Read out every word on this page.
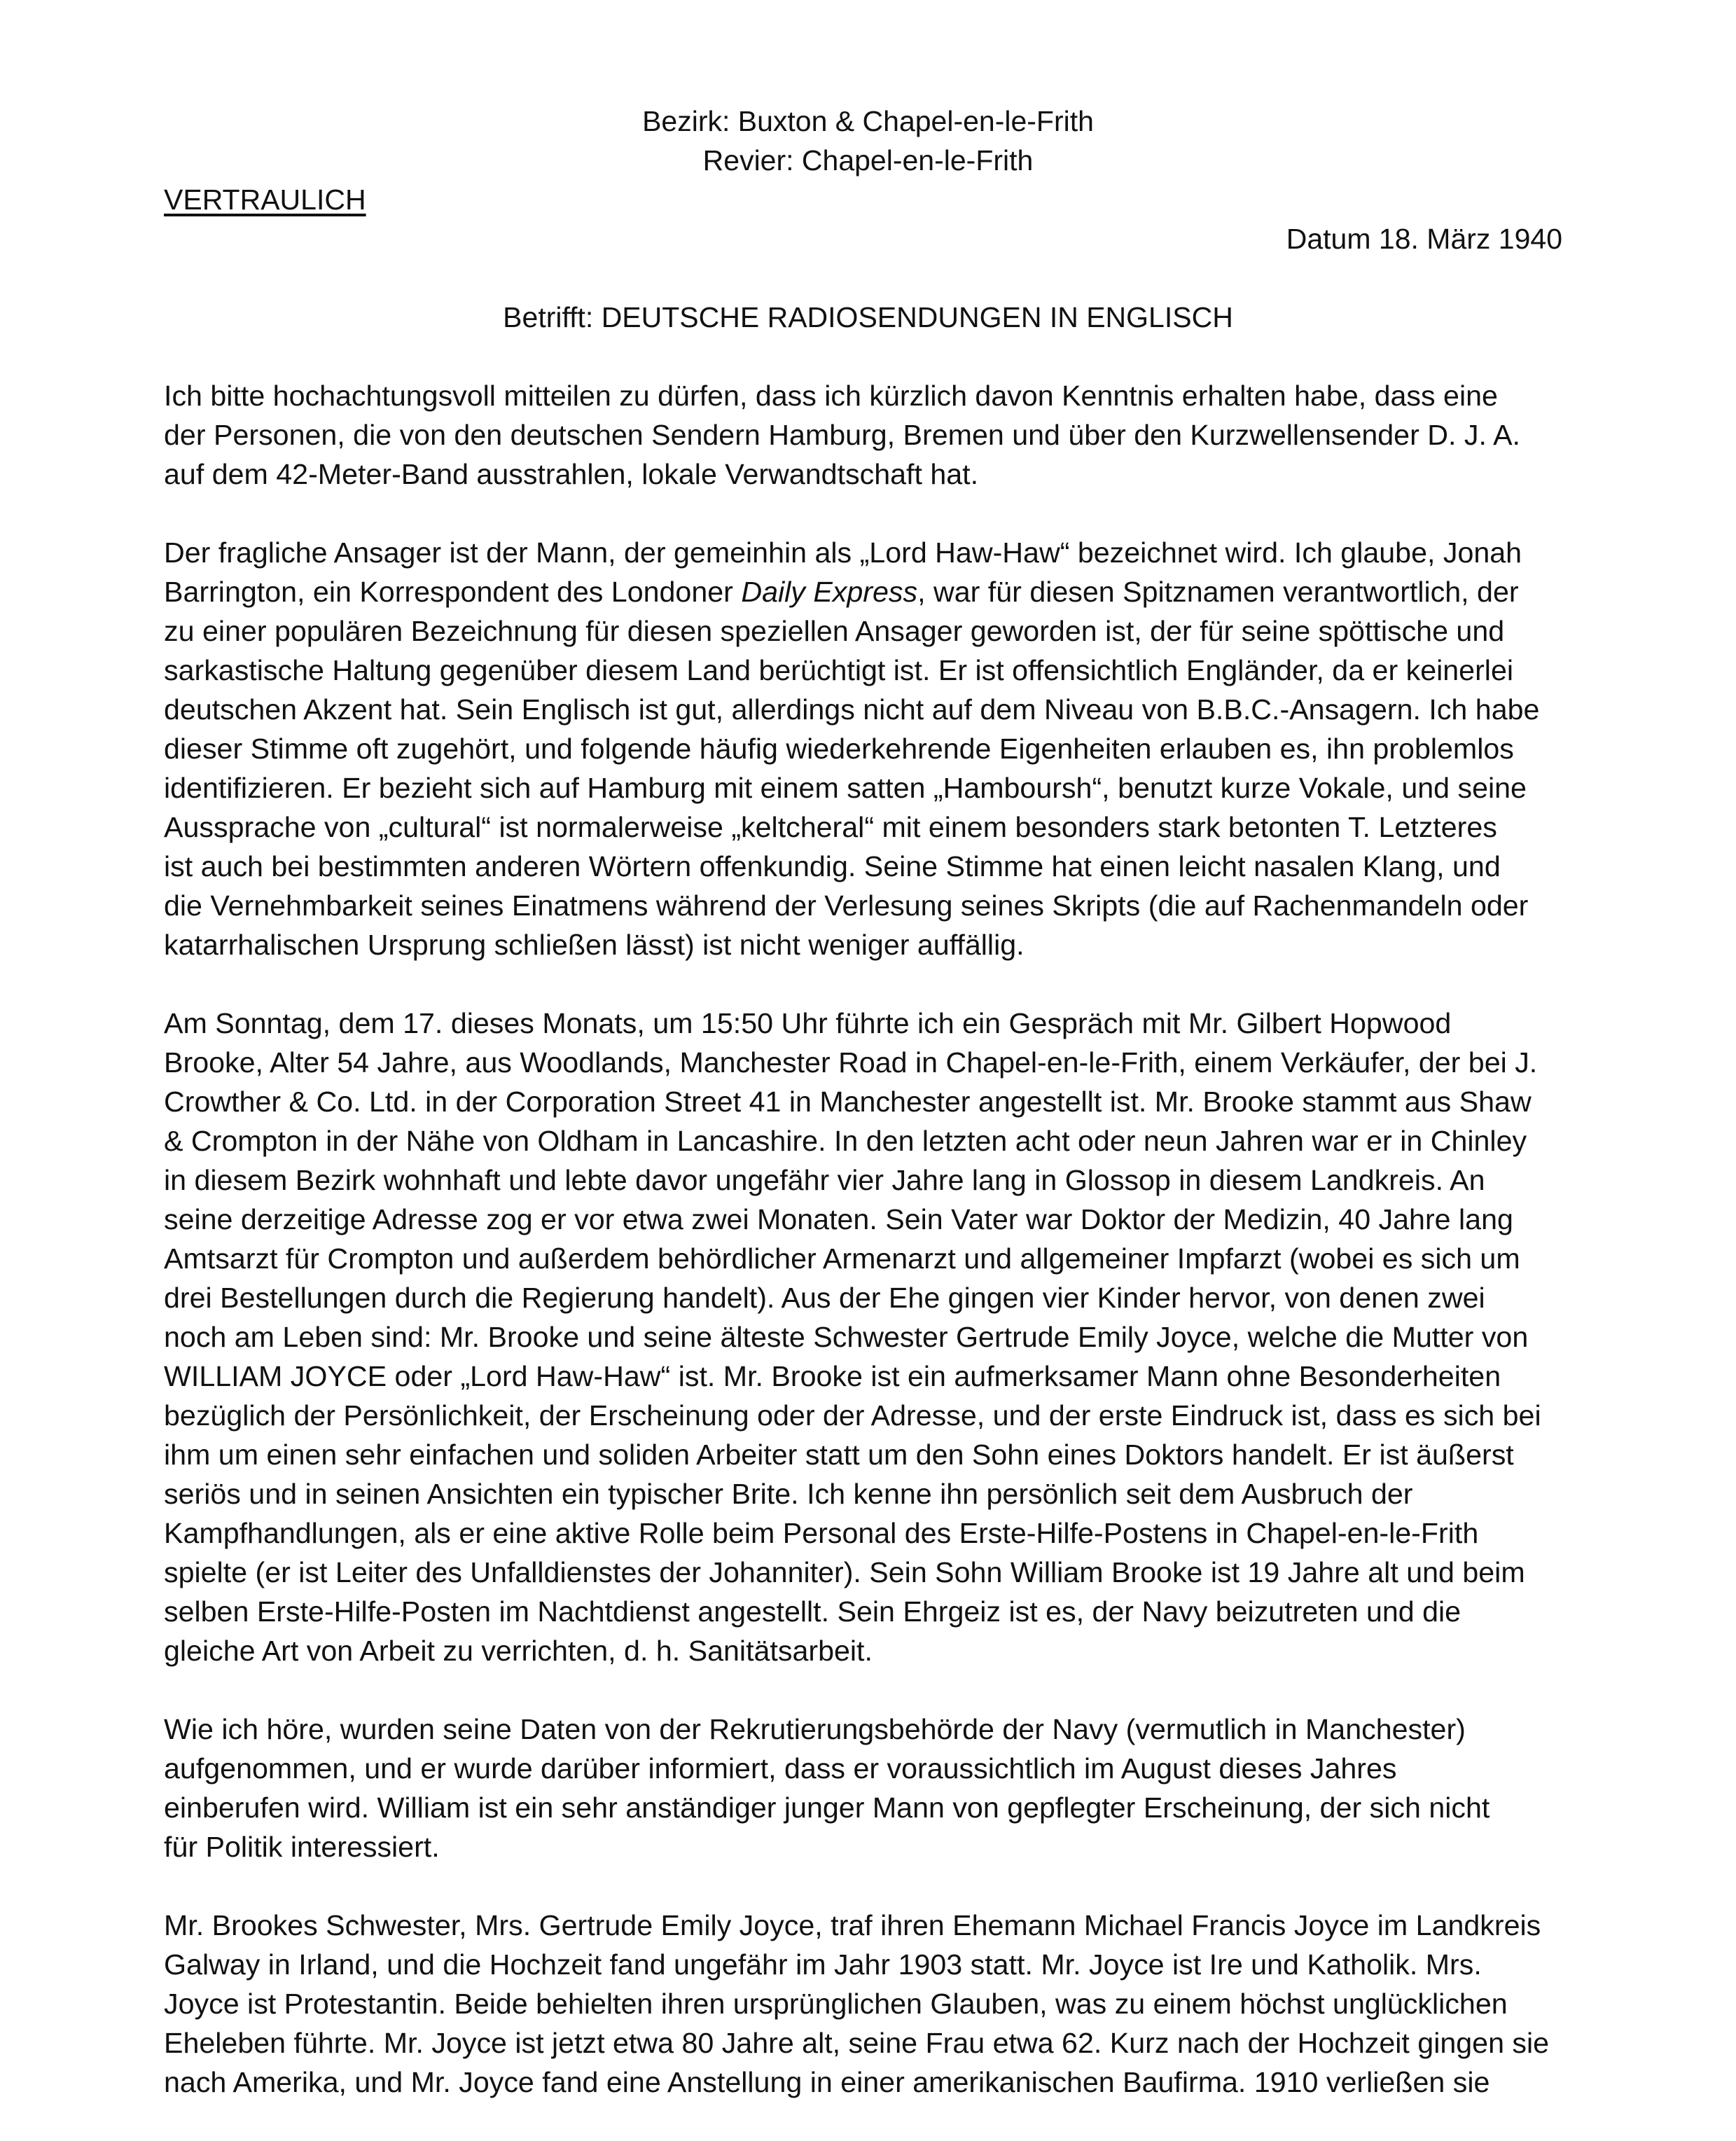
Bezirk: Buxton & Chapel-en-le-Frith
Revier: Chapel-en-le-Frith
VERTRAULICH
Datum 18. März 1940
Betrifft: DEUTSCHE RADIOSENDUNGEN IN ENGLISCH
Ich bitte hochachtungsvoll mitteilen zu dürfen, dass ich kürzlich davon Kenntnis erhalten habe, dass eine
der Personen, die von den deutschen Sendern Hamburg, Bremen und über den Kurzwellensender D. J. A.
auf dem 42-Meter-Band ausstrahlen, lokale Verwandtschaft hat.
Der fragliche Ansager ist der Mann, der gemeinhin als „Lord Haw-Haw“ bezeichnet wird. Ich glaube, Jonah
Barrington, ein Korrespondent des Londoner Daily Express, war für diesen Spitznamen verantwortlich, der
zu einer populären Bezeichnung für diesen speziellen Ansager geworden ist, der für seine spöttische und
sarkastische Haltung gegenüber diesem Land berüchtigt ist. Er ist offensichtlich Engländer, da er keinerlei
deutschen Akzent hat. Sein Englisch ist gut, allerdings nicht auf dem Niveau von B.B.C.-Ansagern. Ich habe
dieser Stimme oft zugehört, und folgende häufig wiederkehrende Eigenheiten erlauben es, ihn problemlos
identifizieren. Er bezieht sich auf Hamburg mit einem satten „Hamboursh“, benutzt kurze Vokale, und seine
Aussprache von „cultural“ ist normalerweise „keltcheral“ mit einem besonders stark betonten T. Letzteres
ist auch bei bestimmten anderen Wörtern offenkundig. Seine Stimme hat einen leicht nasalen Klang, und
die Vernehmbarkeit seines Einatmens während der Verlesung seines Skripts (die auf Rachenmandeln oder
katarrhalischen Ursprung schließen lässt) ist nicht weniger auffällig.
Am Sonntag, dem 17. dieses Monats, um 15:50 Uhr führte ich ein Gespräch mit Mr. Gilbert Hopwood
Brooke, Alter 54 Jahre, aus Woodlands, Manchester Road in Chapel-en-le-Frith, einem Verkäufer, der bei J.
Crowther & Co. Ltd. in der Corporation Street 41 in Manchester angestellt ist. Mr. Brooke stammt aus Shaw
& Crompton in der Nähe von Oldham in Lancashire. In den letzten acht oder neun Jahren war er in Chinley
in diesem Bezirk wohnhaft und lebte davor ungefähr vier Jahre lang in Glossop in diesem Landkreis. An
seine derzeitige Adresse zog er vor etwa zwei Monaten. Sein Vater war Doktor der Medizin, 40 Jahre lang
Amtsarzt für Crompton und außerdem behördlicher Armenarzt und allgemeiner Impfarzt (wobei es sich um
drei Bestellungen durch die Regierung handelt). Aus der Ehe gingen vier Kinder hervor, von denen zwei
noch am Leben sind: Mr. Brooke und seine älteste Schwester Gertrude Emily Joyce, welche die Mutter von
WILLIAM JOYCE oder „Lord Haw-Haw“ ist. Mr. Brooke ist ein aufmerksamer Mann ohne Besonderheiten
bezüglich der Persönlichkeit, der Erscheinung oder der Adresse, und der erste Eindruck ist, dass es sich bei
ihm um einen sehr einfachen und soliden Arbeiter statt um den Sohn eines Doktors handelt. Er ist äußerst
seriös und in seinen Ansichten ein typischer Brite. Ich kenne ihn persönlich seit dem Ausbruch der
Kampfhandlungen, als er eine aktive Rolle beim Personal des Erste-Hilfe-Postens in Chapel-en-le-Frith
spielte (er ist Leiter des Unfalldienstes der Johanniter). Sein Sohn William Brooke ist 19 Jahre alt und beim
selben Erste-Hilfe-Posten im Nachtdienst angestellt. Sein Ehrgeiz ist es, der Navy beizutreten und die
gleiche Art von Arbeit zu verrichten, d. h. Sanitätsarbeit.
Wie ich höre, wurden seine Daten von der Rekrutierungsbehörde der Navy (vermutlich in Manchester)
aufgenommen, und er wurde darüber informiert, dass er voraussichtlich im August dieses Jahres
einberufen wird. William ist ein sehr anständiger junger Mann von gepflegter Erscheinung, der sich nicht
für Politik interessiert.
Mr. Brookes Schwester, Mrs. Gertrude Emily Joyce, traf ihren Ehemann Michael Francis Joyce im Landkreis
Galway in Irland, und die Hochzeit fand ungefähr im Jahr 1903 statt. Mr. Joyce ist Ire und Katholik. Mrs.
Joyce ist Protestantin. Beide behielten ihren ursprünglichen Glauben, was zu einem höchst unglücklichen
Eheleben führte. Mr. Joyce ist jetzt etwa 80 Jahre alt, seine Frau etwa 62. Kurz nach der Hochzeit gingen sie
nach Amerika, und Mr. Joyce fand eine Anstellung in einer amerikanischen Baufirma. 1910 verließen sie
